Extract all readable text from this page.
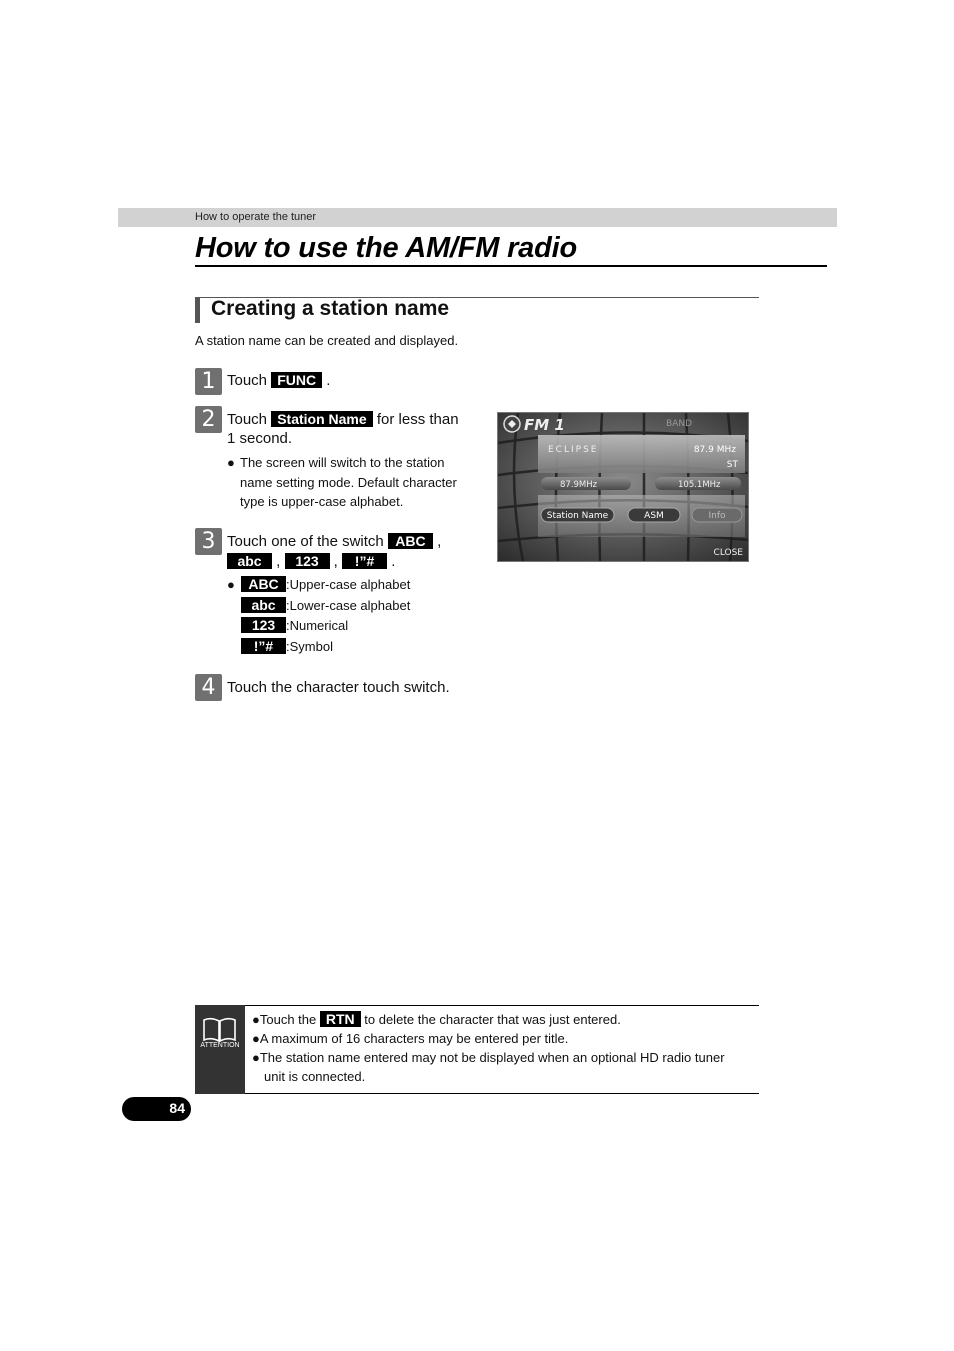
How to operate the tuner
How to use the AM/FM radio
Creating a station name
A station name can be created and displayed.
1 Touch FUNC .
2 Touch Station Name for less than
1 second.
● The screen will switch to the station
name setting mode. Default character
type is upper-case alphabet.
FM 1	BAND
ECLIPSE	87.9 MHz
ST
87.9MHz	105.1MHz
Station Name	ASM	Info
CLOSE
3 Touch one of the switch ABC ,
abc , 123 , !”# .
● ABC :Upper-case alphabet
abc :Lower-case alphabet
123 :Numerical
!”# :Symbol
4 Touch the character touch switch.
ATTENTION
●Touch the RTN to delete the character that was just entered.
●A maximum of 16 characters may be entered per title.
●The station name entered may not be displayed when an optional HD radio tuner
unit is connected.
84
